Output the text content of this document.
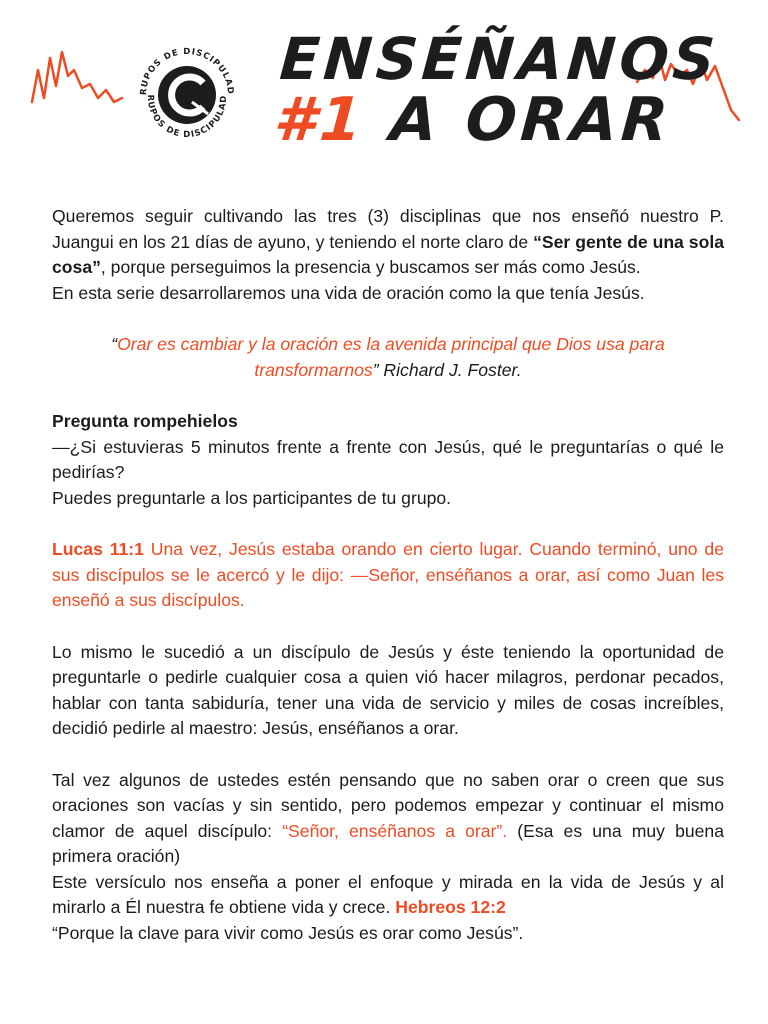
RUPOS DE DISCIPULAD
RUPOS DE DISCIPULAD
ENSÉÑANOS
#1 A ORAR

Queremos seguir cultivando las tres (3) disciplinas que nos enseñó nuestro P. Juangui en los 21 días de ayuno, y teniendo el norte claro de “Ser gente de una sola cosa”, porque perseguimos la presencia y buscamos ser más como Jesús.

En esta serie desarrollaremos una vida de oración como la que tenía Jesús.

“Orar es cambiar y la oración es la avenida principal que Dios usa para transformarnos” Richard J. Foster.

Pregunta rompehielos

—¿Si estuvieras 5 minutos frente a frente con Jesús, qué le preguntarías o qué le pedirías?

Puedes preguntarle a los participantes de tu grupo.

Lucas 11:1 Una vez, Jesús estaba orando en cierto lugar. Cuando terminó, uno de sus discípulos se le acercó y le dijo: —Señor, enséñanos a orar, así como Juan les enseñó a sus discípulos.

Lo mismo le sucedió a un discípulo de Jesús y éste teniendo la oportunidad de preguntarle o pedirle cualquier cosa a quien vió hacer milagros, perdonar pecados, hablar con tanta sabiduría, tener una vida de servicio y miles de cosas increíbles, decidió pedirle al maestro: Jesús, enséñanos a orar.

Tal vez algunos de ustedes estén pensando que no saben orar o creen que sus oraciones son vacías y sin sentido, pero podemos empezar y continuar el mismo clamor de aquel discípulo: “Señor, enséñanos a orar”. (Esa es una muy buena primera oración)

Este versículo nos enseña a poner el enfoque y mirada en la vida de Jesús y al mirarlo a Él nuestra fe obtiene vida y crece. Hebreos 12:2

“Porque la clave para vivir como Jesús es orar como Jesús”.
